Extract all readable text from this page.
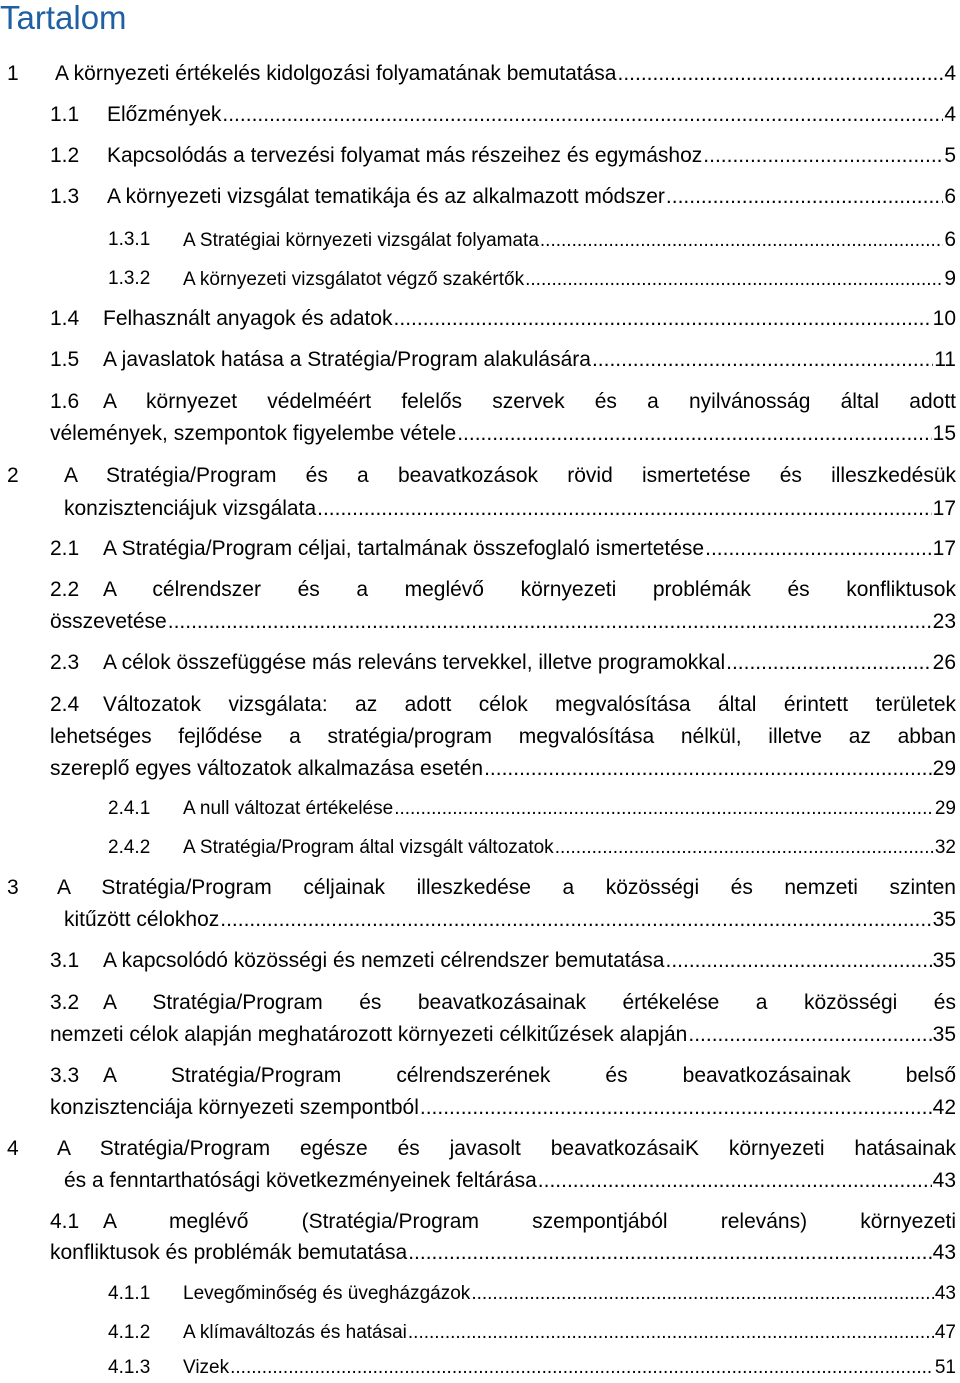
Tartalom
1 A környezeti értékelés kidolgozási folyamatának bemutatása .....	4
1.1 Előzmények .....	4
1.2 Kapcsolódás a tervezési folyamat más részeihez és egymáshoz .....	5
1.3 A környezeti vizsgálat tematikája és az alkalmazott módszer .....	6
1.3.1 A Stratégiai környezeti vizsgálat folyamata .....	6
1.3.2 A környezeti vizsgálatot végző szakértők .....	9
1.4 Felhasznált anyagok és adatok .....	10
1.5 A javaslatok hatása a Stratégia/Program alakulására .....	11
1.6 A környezet védelméért felelős szervek és a nyilvánosság által adott
vélemények, szempontok figyelembe vétele .....	15
2 A Stratégia/Program és a beavatkozások rövid ismertetése és illeszkedésük
konzisztenciájuk vizsgálata .....	17
2.1 A Stratégia/Program céljai, tartalmának összefoglaló ismertetése .....	17
2.2 A célrendszer és a meglévő környezeti problémák és konfliktusok
összevetése .....	23
2.3 A célok összefüggése más releváns tervekkel, illetve programokkal .....	26
2.4 Változatok vizsgálata: az adott célok megvalósítása által érintett területek
lehetséges fejlődése a stratégia/program megvalósítása nélkül, illetve az abban
szereplő egyes változatok alkalmazása esetén .....	29
2.4.1 A null változat értékelése .....	29
2.4.2 A Stratégia/Program által vizsgált változatok .....	32
3 A Stratégia/Program céljainak illeszkedése a közösségi és nemzeti szinten
kitűzött célokhoz .....	35
3.1 A kapcsolódó közösségi és nemzeti célrendszer bemutatása .....	35
3.2 A Stratégia/Program és beavatkozásainak értékelése a közösségi és
nemzeti célok alapján meghatározott környezeti célkitűzések alapján .....	35
3.3 A Stratégia/Program célrendszerének és beavatkozásainak belső
konzisztenciája környezeti szempontból .....	42
4 A Stratégia/Program egésze és javasolt beavatkozásaiK környezeti hatásainak
és a fenntarthatósági következményeinek feltárása .....	43
4.1 A meglévő (Stratégia/Program szempontjából releváns) környezeti
konfliktusok és problémák bemutatása .....	43
4.1.1 Levegőminőség és üvegházgázok .....	43
4.1.2 A klímaváltozás és hatásai .....	47
4.1.3 Vizek .....	51
